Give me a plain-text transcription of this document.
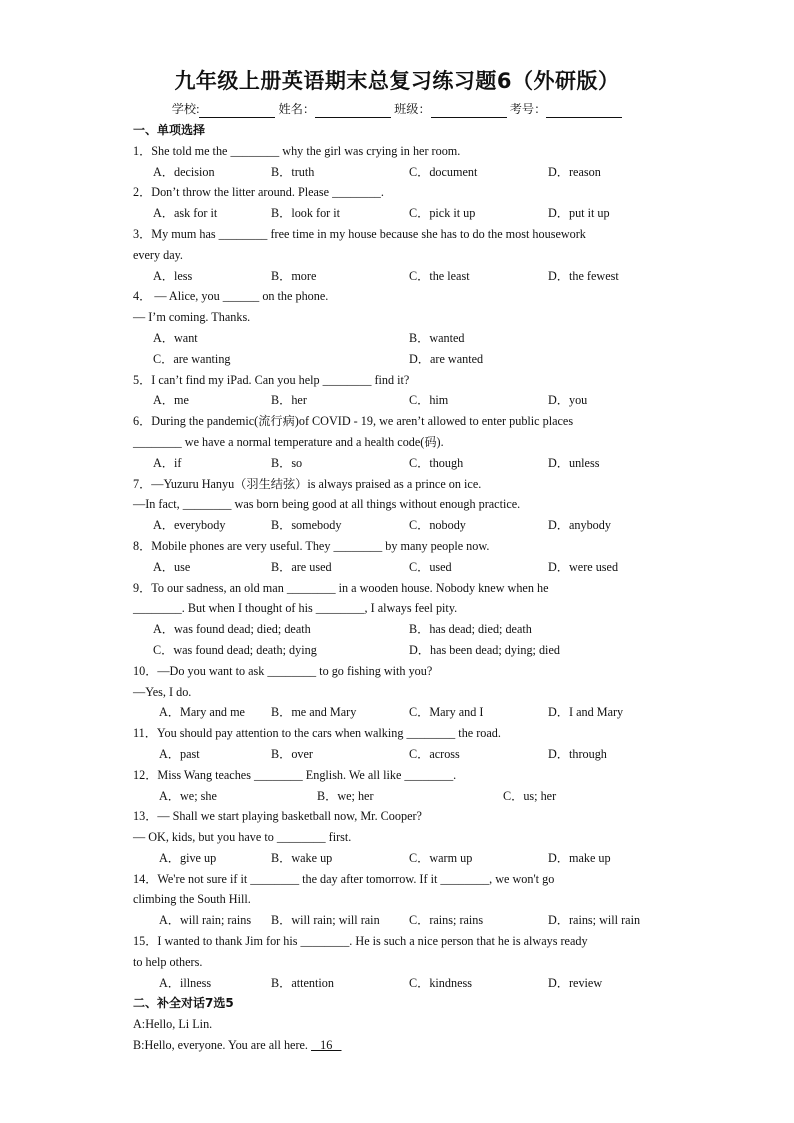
九年级上册英语期末总复习练习题6（外研版）
学校:	姓名：	班级：	考号：
一、单项选择
1．She told me the ________ why the girl was crying in her room.
A．decision	B．truth	C．document	D．reason
2．Don’t throw the litter around. Please ________.
A．ask for it	B．look for it	C．pick it up	D．put it up
3．My mum has ________ free time in my house because she has to do the most housework
every day.
A．less	B．more	C．the least	D．the fewest
4． — Alice, you ______ on the phone.
— I’m coming. Thanks.
A．want	B．wanted
C．are wanting	D．are wanted
5．I can’t find my iPad. Can you help ________ find it?
A．me	B．her	C．him	D．you
6．During the pandemic(流行病)of COVID - 19, we aren’t allowed to enter public places
________ we have a normal temperature and a health code(码).
A．if	B．so	C．though	D．unless
7．—Yuzuru Hanyu（羽生结弦）is always praised as a prince on ice.
—In fact, ________ was born being good at all things without enough practice.
A．everybody	B．somebody	C．nobody	D．anybody
8．Mobile phones are very useful. They ________ by many people now.
A．use	B．are used	C．used	D．were used
9．To our sadness, an old man ________ in a wooden house. Nobody knew when he
________. But when I thought of his ________, I always feel pity.
A．was found dead; died; death	B．has dead; died; death
C．was found dead; death; dying	D．has been dead; dying; died
10．—Do you want to ask ________ to go fishing with you?
—Yes, I do.
A．Mary and me B．me and Mary	C．Mary and I	D．I and Mary
11．You should pay attention to the cars when walking ________ the road.
A．past	B．over	C．across	D．through
12．Miss Wang teaches ________ English. We all like ________.
A．we; she	B．we; her	C．us; her
13．— Shall we start playing basketball now, Mr. Cooper?
— OK, kids, but you have to ________ first.
A．give up	B．wake up	C．warm up	D．make up
14．We're not sure if it ________ the day after tomorrow. If it ________, we won't go
climbing the South Hill.
A．will rain; rains B．will rain; will rain C．rains; rains	D．rains; will rain
15．I wanted to thank Jim for his ________. He is such a nice person that he is always ready
to help others.
A．illness	B．attention	C．kindness	D．review
二、补全对话7选5
A:Hello, Li Lin.
B:Hello, everyone. You are all here.    16
